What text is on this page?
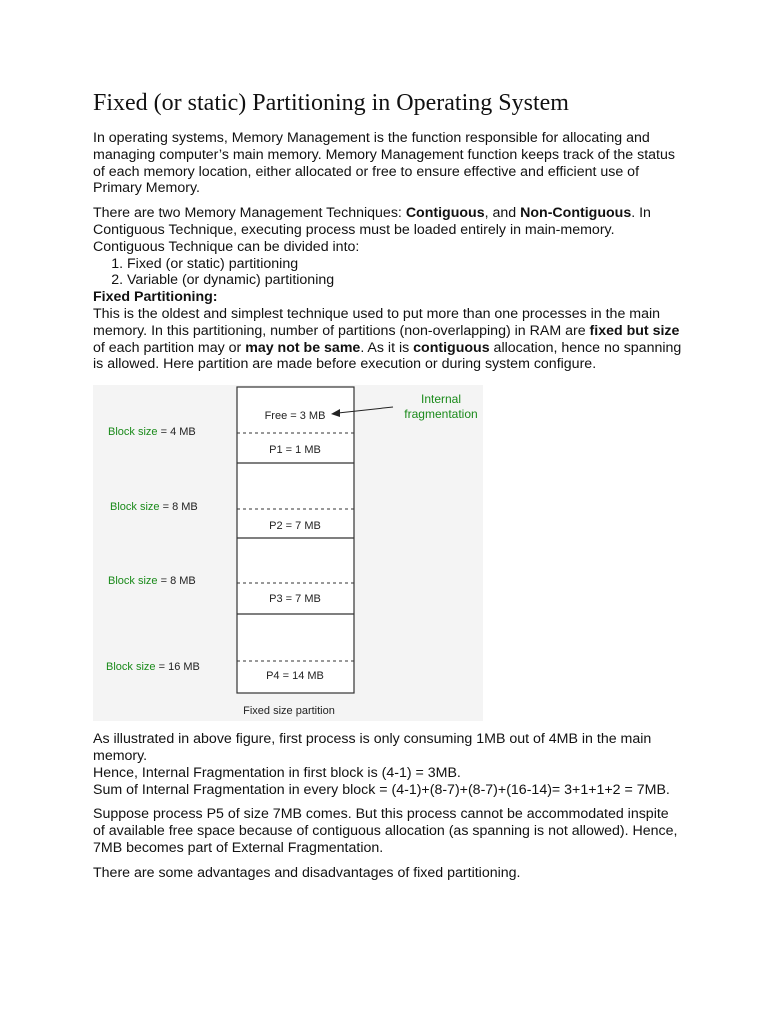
Fixed (or static) Partitioning in Operating System

In operating systems, Memory Management is the function responsible for allocating and managing computer’s main memory. Memory Management function keeps track of the status of each memory location, either allocated or free to ensure effective and efficient use of Primary Memory.

There are two Memory Management Techniques: Contiguous, and Non-Contiguous. In Contiguous Technique, executing process must be loaded entirely in main-memory. Contiguous Technique can be divided into:

1. Fixed (or static) partitioning
2. Variable (or dynamic) partitioning
Fixed Partitioning:

This is the oldest and simplest technique used to put more than one processes in the main memory. In this partitioning, number of partitions (non-overlapping) in RAM are fixed but size of each partition may or may not be same. As it is contiguous allocation, hence no spanning is allowed. Here partition are made before execution or during system configure.

Free = 3 MB
P1 = 1 MB
P2 = 7 MB
P3 = 7 MB
P4 = 14 MB
Block size = 4 MB
Block size = 8 MB
Block size = 8 MB
Block size = 16 MB
Internal
fragmentation
Fixed size partition

As illustrated in above figure, first process is only consuming 1MB out of 4MB in the main memory.
Hence, Internal Fragmentation in first block is (4-1) = 3MB.
Sum of Internal Fragmentation in every block = (4-1)+(8-7)+(8-7)+(16-14)= 3+1+1+2 = 7MB.

Suppose process P5 of size 7MB comes. But this process cannot be accommodated inspite of available free space because of contiguous allocation (as spanning is not allowed). Hence, 7MB becomes part of External Fragmentation.

There are some advantages and disadvantages of fixed partitioning.
